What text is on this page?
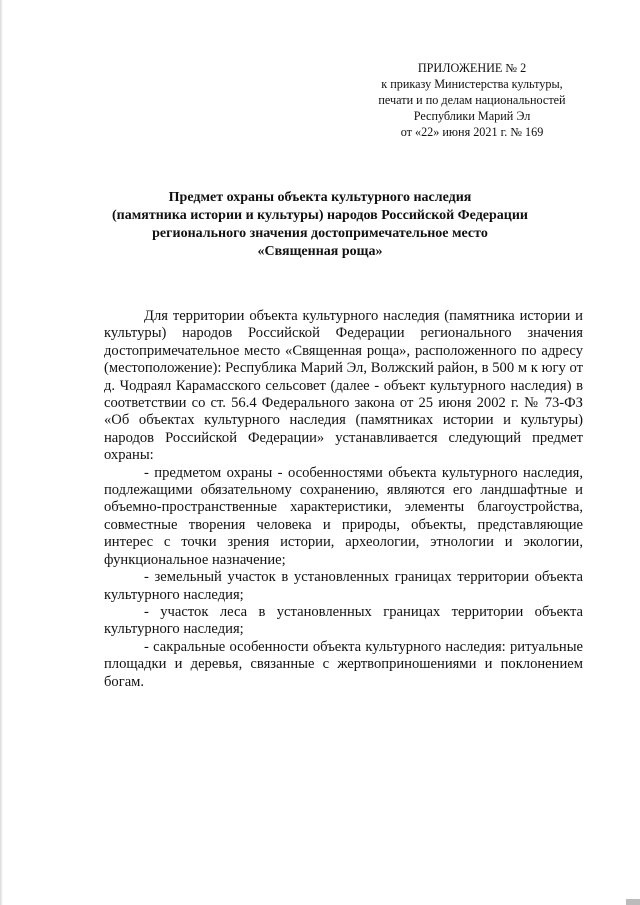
ПРИЛОЖЕНИЕ № 2
к приказу Министерства культуры,
печати и по делам национальностей
Республики Марий Эл
от «22» июня 2021 г. № 169
Предмет охраны объекта культурного наследия
(памятника истории и культуры) народов Российской Федерации
регионального значения достопримечательное место
«Священная роща»

Для территории объекта культурного наследия (памятника истории и культуры) народов Российской Федерации регионального значения достопримечательное место «Священная роща», расположенного по адресу (местоположение): Республика Марий Эл, Волжский район, в 500 м к югу от д. Чодраял Карамасского сельсовет (далее - объект культурного наследия) в соответствии со ст. 56.4 Федерального закона от 25 июня 2002 г. № 73-ФЗ «Об объектах культурного наследия (памятниках истории и культуры) народов Российской Федерации» устанавливается следующий предмет охраны:

- предметом охраны - особенностями объекта культурного наследия, подлежащими обязательному сохранению, являются его ландшафтные и объемно-пространственные характеристики, элементы благоустройства, совместные творения человека и природы, объекты, представляющие интерес с точки зрения истории, археологии, этнологии и экологии, функциональное назначение;

- земельный участок в установленных границах территории объекта культурного наследия;

- участок леса в установленных границах территории объекта культурного наследия;

- сакральные особенности объекта культурного наследия: ритуальные площадки и деревья, связанные с жертвоприношениями и поклонением богам.
